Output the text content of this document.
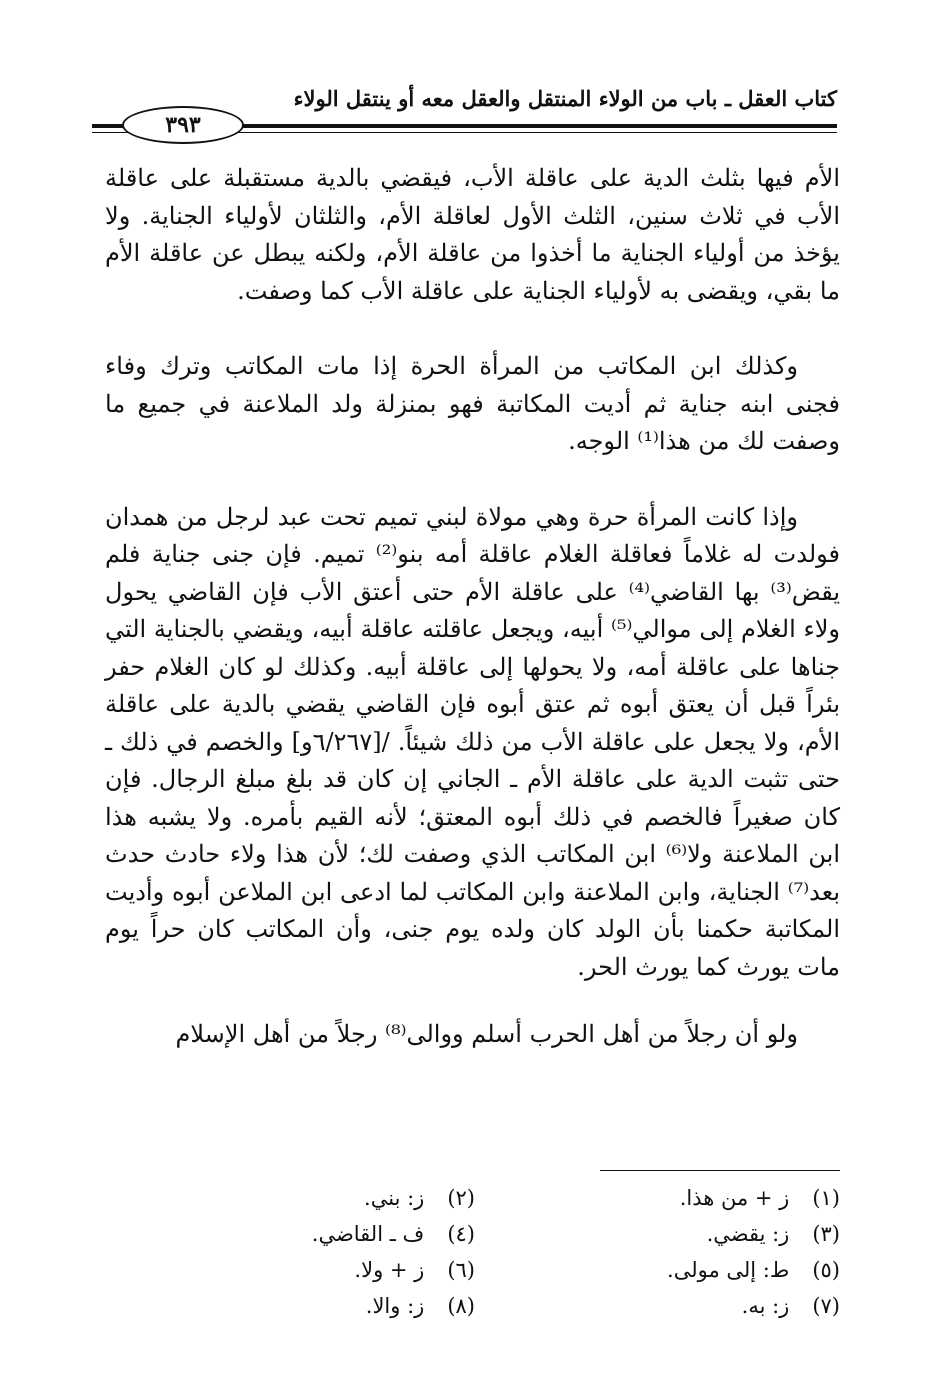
كتاب العقل ـ باب من الولاء المنتقل والعقل معه أو ينتقل الولاء
٣٩٣

الأم فيها بثلث الدية على عاقلة الأب، فيقضي بالدية مستقبلة على عاقلة الأب في ثلاث سنين، الثلث الأول لعاقلة الأم، والثلثان لأولياء الجناية. ولا يؤخذ من أولياء الجناية ما أخذوا من عاقلة الأم، ولكنه يبطل عن عاقلة الأم ما بقي، ويقضى به لأولياء الجناية على عاقلة الأب كما وصفت.

وكذلك ابن المكاتب من المرأة الحرة إذا مات المكاتب وترك وفاء فجنى ابنه جناية ثم أديت المكاتبة فهو بمنزلة ولد الملاعنة في جميع ما وصفت لك من هذا⁽¹⁾ الوجه.

وإذا كانت المرأة حرة وهي مولاة لبني تميم تحت عبد لرجل من همدان فولدت له غلاماً فعاقلة الغلام عاقلة أمه بنو⁽²⁾ تميم. فإن جنى جناية فلم يقض⁽³⁾ بها القاضي⁽⁴⁾ على عاقلة الأم حتى أعتق الأب فإن القاضي يحول ولاء الغلام إلى موالي⁽⁵⁾ أبيه، ويجعل عاقلته عاقلة أبيه، ويقضي بالجناية التي جناها على عاقلة أمه، ولا يحولها إلى عاقلة أبيه. وكذلك لو كان الغلام حفر بئراً قبل أن يعتق أبوه ثم عتق أبوه فإن القاضي يقضي بالدية على عاقلة الأم، ولا يجعل على عاقلة الأب من ذلك شيئاً. /[٦/٢٦٧و] والخصم في ذلك ـ حتى تثبت الدية على عاقلة الأم ـ الجاني إن كان قد بلغ مبلغ الرجال. فإن كان صغيراً فالخصم في ذلك أبوه المعتق؛ لأنه القيم بأمره. ولا يشبه هذا ابن الملاعنة ولا⁽⁶⁾ ابن المكاتب الذي وصفت لك؛ لأن هذا ولاء حادث حدث بعد⁽⁷⁾ الجناية، وابن الملاعنة وابن المكاتب لما ادعى ابن الملاعن أبوه وأديت المكاتبة حكمنا بأن الولد كان ولده يوم جنى، وأن المكاتب كان حراً يوم مات يورث كما يورث الحر.

ولو أن رجلاً من أهل الحرب أسلم ووالى⁽⁸⁾ رجلاً من أهل الإسلام

(١) ز + من هذا.
(٢) ز: بني.
(٣) ز: يقضي.
(٤) ف ـ القاضي.
(٥) ط: إلى مولى.
(٦) ز + ولا.
(٧) ز: به.
(٨) ز: والا.
